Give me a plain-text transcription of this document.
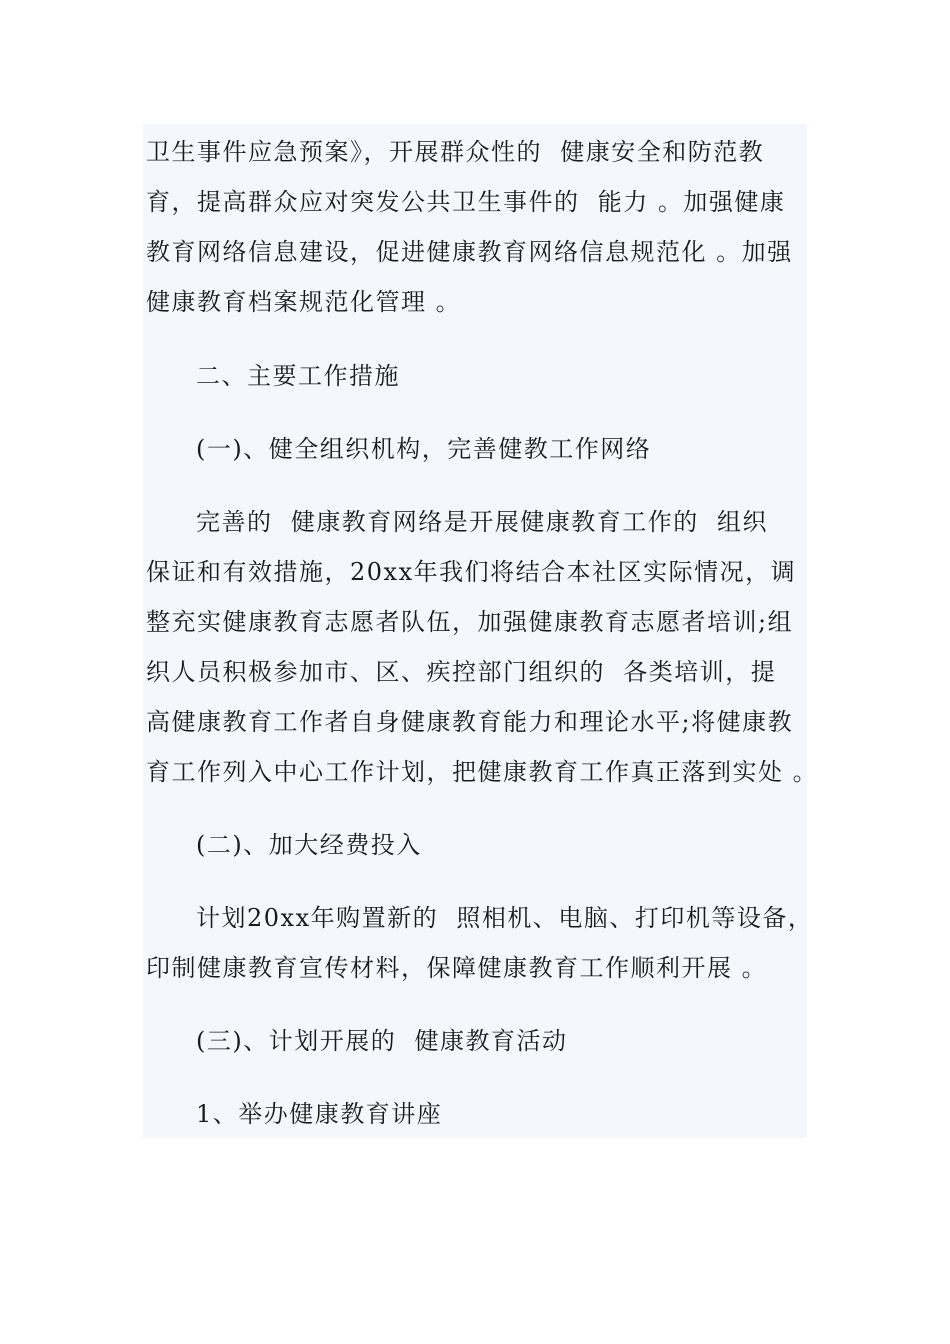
卫生事件应急预案》，开展群众性的  健康安全和防范教
育，提高群众应对突发公共卫生事件的  能力 。加强健康
教育网络信息建设，促进健康教育网络信息规范化 。加强
健康教育档案规范化管理 。
二、主要工作措施
(一)、健全组织机构，完善健教工作网络
完善的  健康教育网络是开展健康教育工作的  组织
保证和有效措施，20xx年我们将结合本社区实际情况，调
整充实健康教育志愿者队伍，加强健康教育志愿者培训;组
织人员积极参加市、区、疾控部门组织的  各类培训，提
高健康教育工作者自身健康教育能力和理论水平;将健康教
育工作列入中心工作计划，把健康教育工作真正落到实处 。
(二)、加大经费投入
计划20xx年购置新的  照相机、电脑、打印机等设备，
印制健康教育宣传材料，保障健康教育工作顺利开展 。
(三)、计划开展的  健康教育活动
1、举办健康教育讲座
